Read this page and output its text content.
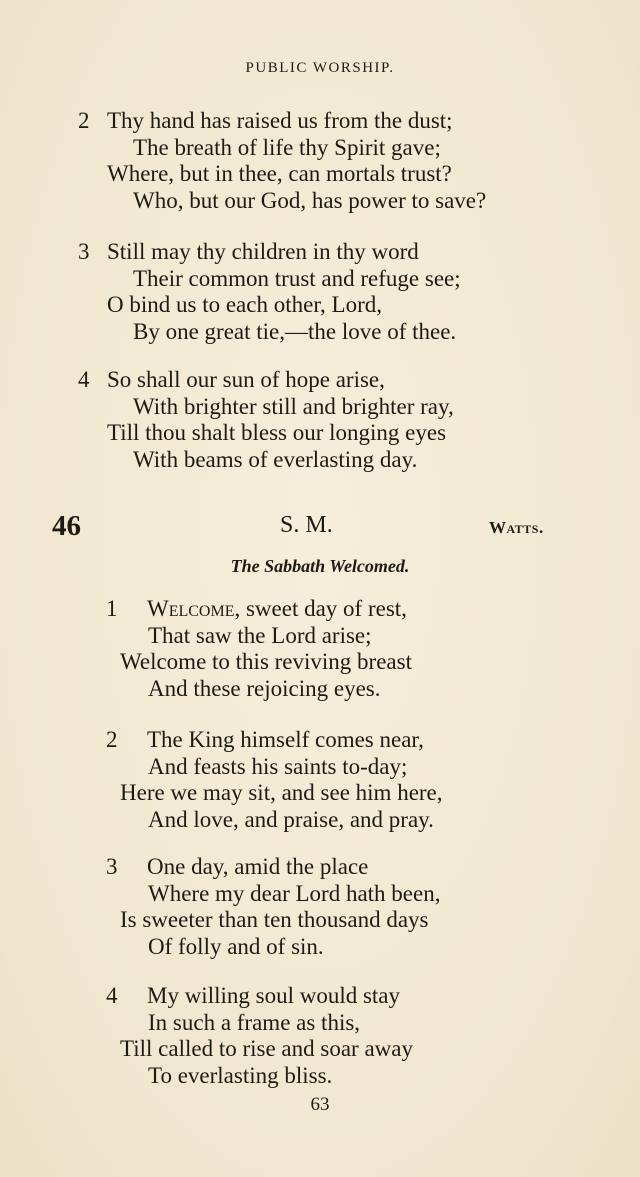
PUBLIC WORSHIP.
2 Thy hand has raised us from the dust;
The breath of life thy Spirit gave;
Where, but in thee, can mortals trust?
Who, but our God, has power to save?
3 Still may thy children in thy word
Their common trust and refuge see;
O bind us to each other, Lord,
By one great tie,—the love of thee.
4 So shall our sun of hope arise,
With brighter still and brighter ray,
Till thou shalt bless our longing eyes
With beams of everlasting day.
46	S. M.	Watts.
The Sabbath Welcomed.
1 Welcome, sweet day of rest,
That saw the Lord arise;
Welcome to this reviving breast
And these rejoicing eyes.
2 The King himself comes near,
And feasts his saints to-day;
Here we may sit, and see him here,
And love, and praise, and pray.
3 One day, amid the place
Where my dear Lord hath been,
Is sweeter than ten thousand days
Of folly and of sin.
4 My willing soul would stay
In such a frame as this,
Till called to rise and soar away
To everlasting bliss.
63
